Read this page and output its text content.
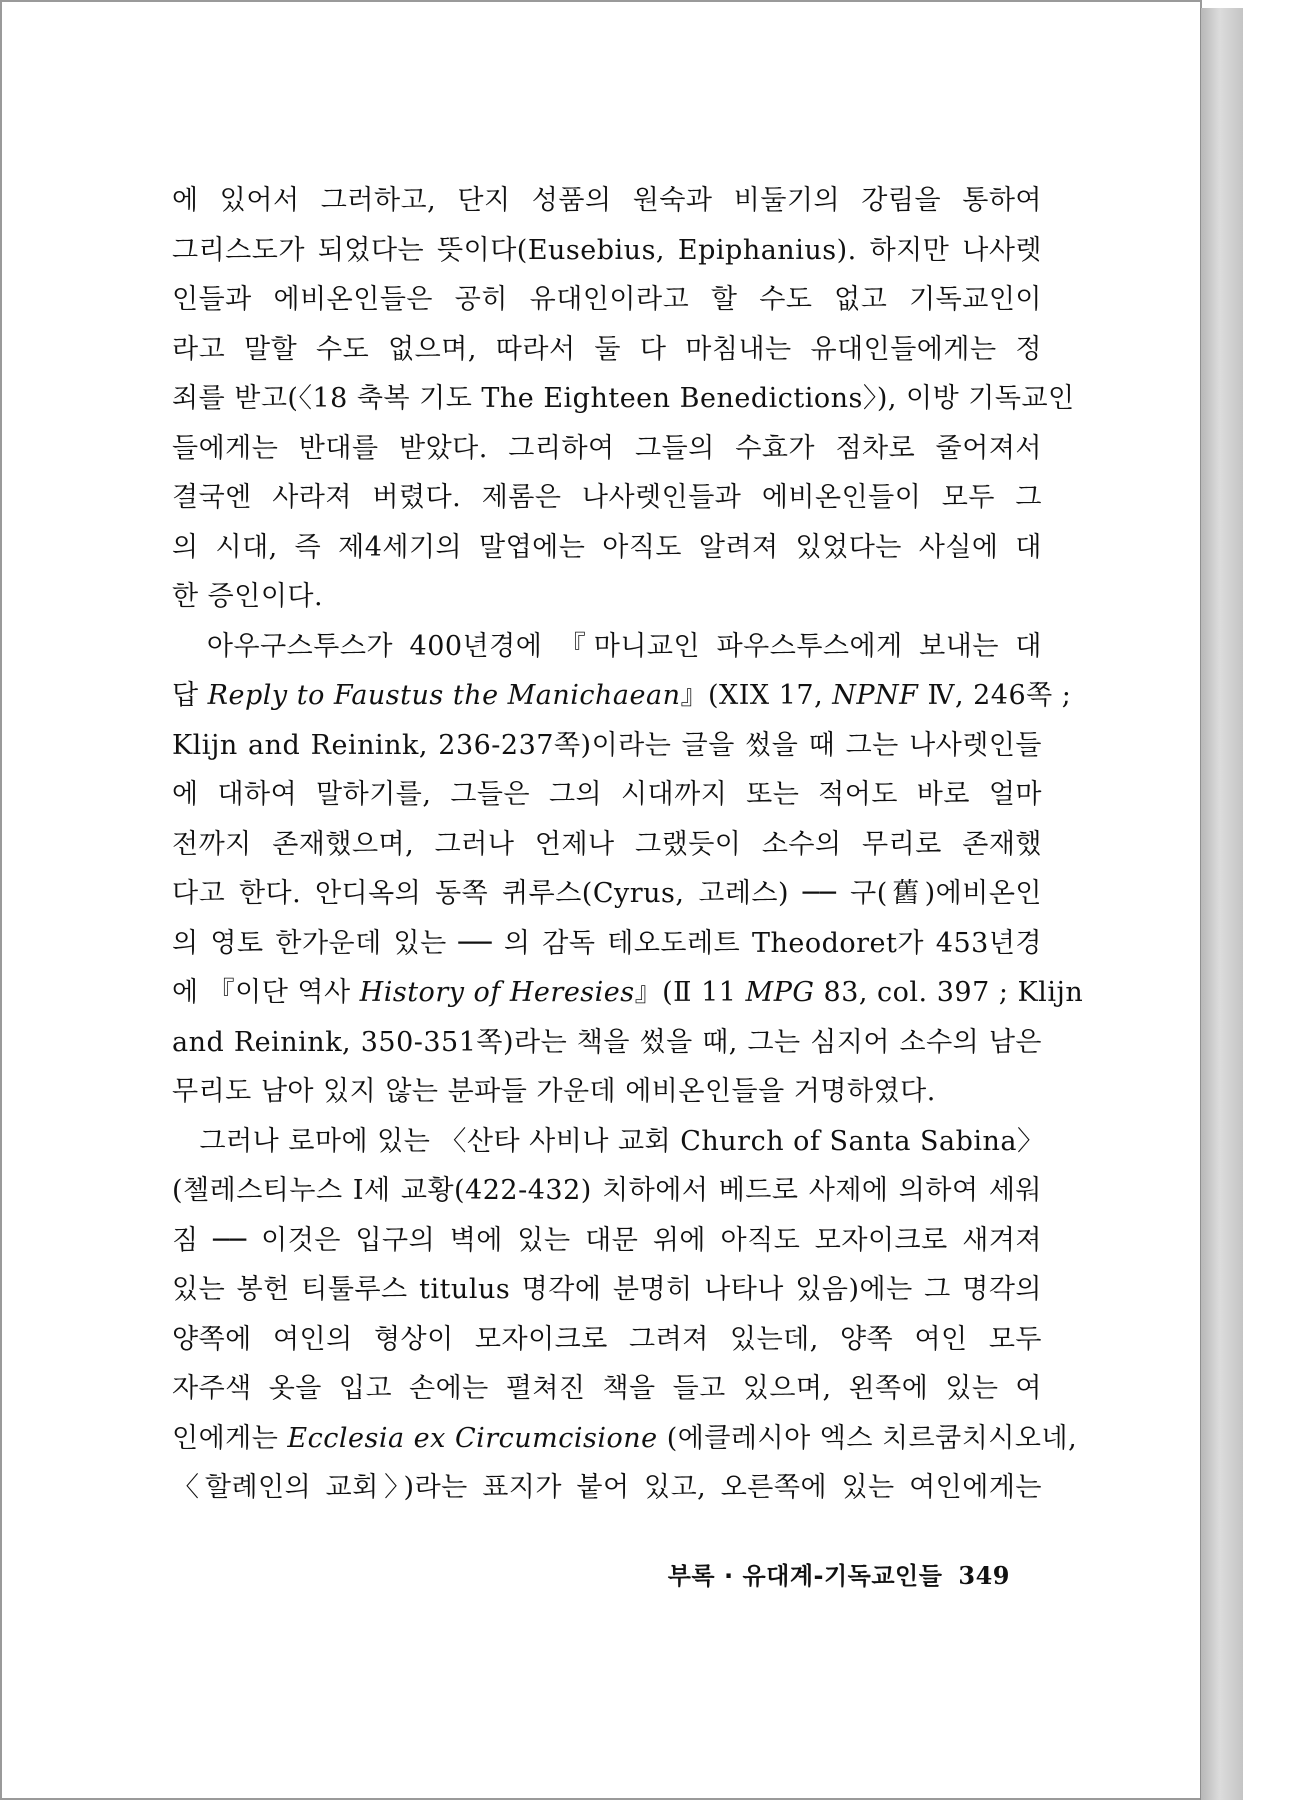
에 있어서 그러하고, 단지 성품의 원숙과 비둘기의 강림을 통하여
그리스도가 되었다는 뜻이다(Eusebius, Epiphanius). 하지만 나사렛
인들과 에비온인들은 공히 유대인이라고 할 수도 없고 기독교인이
라고 말할 수도 없으며, 따라서 둘 다 마침내는 유대인들에게는 정
죄를 받고(〈18 축복 기도 The Eighteen Benedictions〉), 이방 기독교인
들에게는 반대를 받았다. 그리하여 그들의 수효가 점차로 줄어져서
결국엔 사라져 버렸다. 제롬은 나사렛인들과 에비온인들이 모두 그
의 시대, 즉 제4세기의 말엽에는 아직도 알려져 있었다는 사실에 대
한 증인이다.
　아우구스투스가 400년경에 『마니교인 파우스투스에게 보내는 대
답 Reply to Faustus the Manichaean』(XIX 17, NPNF Ⅳ, 246쪽 ;
Klijn and Reinink, 236-237쪽)이라는 글을 썼을 때 그는 나사렛인들
에 대하여 말하기를, 그들은 그의 시대까지 또는 적어도 바로 얼마
전까지 존재했으며, 그러나 언제나 그랬듯이 소수의 무리로 존재했
다고 한다. 안디옥의 동쪽 퀴루스(Cyrus, 고레스) ── 구(舊)에비온인
의 영토 한가운데 있는 ── 의 감독 테오도레트 Theodoret가 453년경
에 『이단 역사 History of Heresies』(Ⅱ 11 MPG 83, col. 397 ; Klijn
and Reinink, 350-351쪽)라는 책을 썼을 때, 그는 심지어 소수의 남은
무리도 남아 있지 않는 분파들 가운데 에비온인들을 거명하였다.
　그러나 로마에 있는 〈산타 사비나 교회 Church of Santa Sabina〉
(첼레스티누스 I세 교황(422-432) 치하에서 베드로 사제에 의하여 세워
짐 ── 이것은 입구의 벽에 있는 대문 위에 아직도 모자이크로 새겨져
있는 봉헌 티툴루스 titulus 명각에 분명히 나타나 있음)에는 그 명각의
양쪽에 여인의 형상이 모자이크로 그려져 있는데, 양쪽 여인 모두
자주색 옷을 입고 손에는 펼쳐진 책을 들고 있으며, 왼쪽에 있는 여
인에게는 Ecclesia ex Circumcisione (에클레시아 엑스 치르쿰치시오네,
〈할례인의 교회〉)라는 표지가 붙어 있고, 오른쪽에 있는 여인에게는
부록 · 유대계-기독교인들 349
